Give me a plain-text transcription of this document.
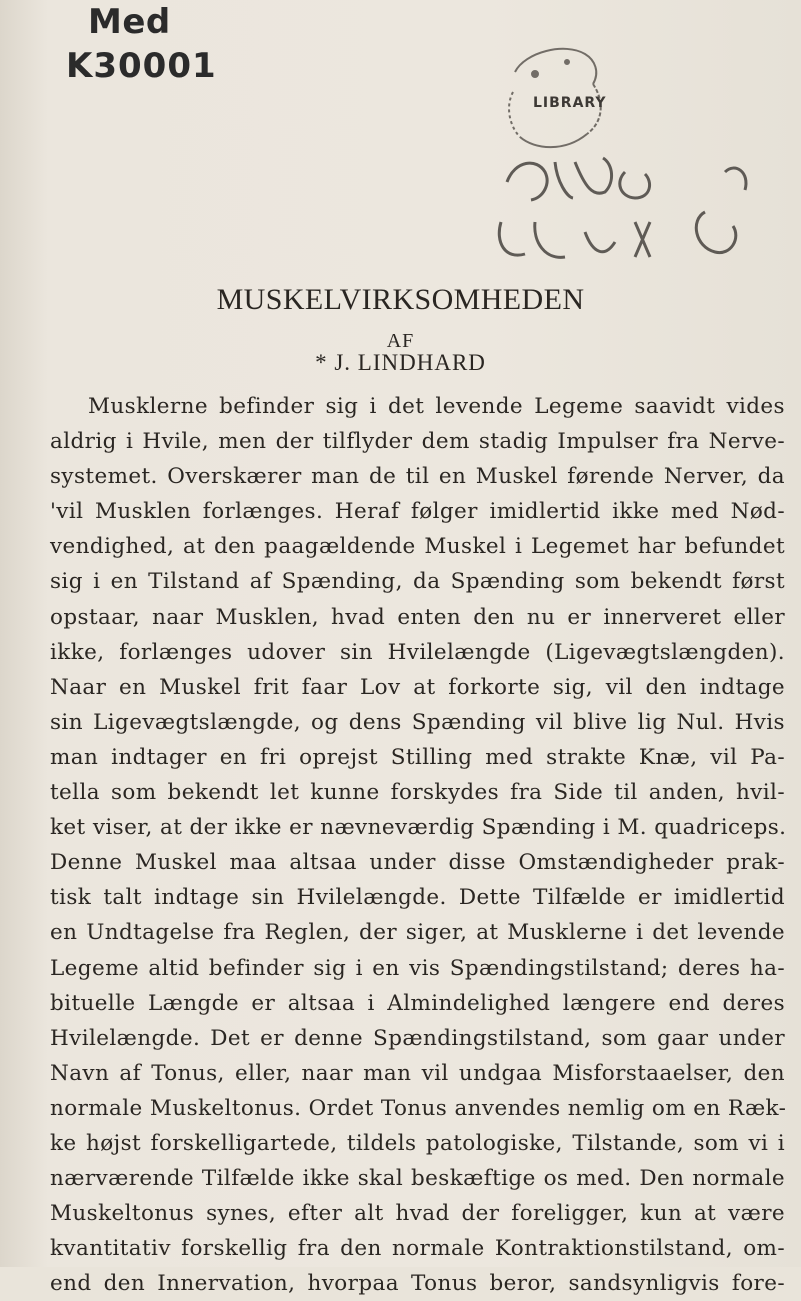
Med
K30001
LIBRARY
MUSKELVIRKSOMHEDEN
AF
* J. LINDHARD
Musklerne befinder sig i det levende Legeme saavidt vides
aldrig i Hvile, men der tilflyder dem stadig Impulser fra Nerve-
systemet. Overskærer man de til en Muskel førende Nerver, da
'vil Musklen forlænges. Heraf følger imidlertid ikke med Nød-
vendighed, at den paagældende Muskel i Legemet har befundet
sig i en Tilstand af Spænding, da Spænding som bekendt først
opstaar, naar Musklen, hvad enten den nu er innerveret eller
ikke, forlænges udover sin Hvilelængde (Ligevægtslængden).
Naar en Muskel frit faar Lov at forkorte sig, vil den indtage
sin Ligevægtslængde, og dens Spænding vil blive lig Nul. Hvis
man indtager en fri oprejst Stilling med strakte Knæ, vil Pa-
tella som bekendt let kunne forskydes fra Side til anden, hvil-
ket viser, at der ikke er nævneværdig Spænding i M. quadriceps.
Denne Muskel maa altsaa under disse Omstændigheder prak-
tisk talt indtage sin Hvilelængde. Dette Tilfælde er imidlertid
en Undtagelse fra Reglen, der siger, at Musklerne i det levende
Legeme altid befinder sig i en vis Spændingstilstand; deres ha-
bituelle Længde er altsaa i Almindelighed længere end deres
Hvilelængde. Det er denne Spændingstilstand, som gaar under
Navn af Tonus, eller, naar man vil undgaa Misforstaaelser, den
normale Muskeltonus. Ordet Tonus anvendes nemlig om en Ræk-
ke højst forskelligartede, tildels patologiske, Tilstande, som vi i
nærværende Tilfælde ikke skal beskæftige os med. Den normale
Muskeltonus synes, efter alt hvad der foreligger, kun at være
kvantitativ forskellig fra den normale Kontraktionstilstand, om-
end den Innervation, hvorpaa Tonus beror, sandsynligvis fore-
